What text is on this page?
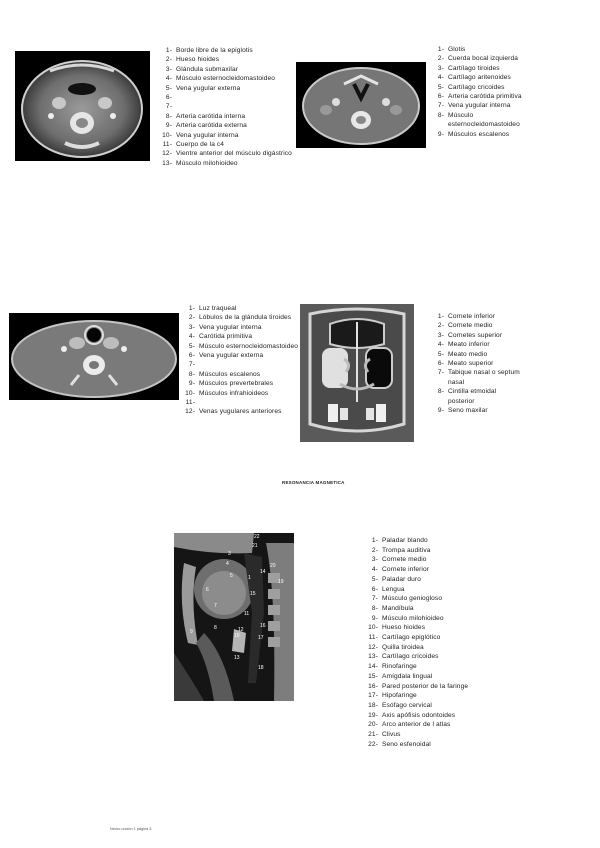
1- Borde libre de la epiglotis
2- Hueso hioides
3- Glándula submaxilar
4- Músculo esternocleidomastoideo
5- Vena yugular externa
6-
7-
8- Arteria carótida interna
9- Arteria carótida externa
10- Vena yugular interna
11- Cuerpo de la c4
12- Vientre anterior del músculo digástrico
13- Músculo milohioideo
1- Glotis
2- Cuerda bocal izquierda
3- Cartílago tiroides
4- Cartílago aritenoides
5- Cartílago cricoides
6- Arteria carótida primitiva
7- Vena yugular interna
8- Músculo esternocleidomastoideo
9- Músculos escalenos
1- Luz traqueal
2- Lóbulos de la glándula tiroides
3- Vena yugular interna
4- Carótida primitiva
5- Músculo esternocleidomastoideo
6- Vena yugular externa
7-
8- Músculos escalenos
9- Músculos prevertebrales
10- Músculos infrahioideos
11-
12- Venas yugulares anteriores
1- Cornete inferior
2- Cornete medio
3- Cornetes superior
4- Meato inferior
5- Meato medio
6- Meato superior
7- Tabique nasal o septum nasal
8- Cintilla etmoidal posterior
9- Seno maxilar
RESONANCIA MAGNETICA
22
21
3
20
4
14
5	1
19
15
6
7
11
16
12
17
10
8
9
13
18
1- Paladar blando
2- Trompa auditiva
3- Cornete medio
4- Cornete inferior
5- Paladar duro
6- Lengua
7- Músculo geniogloso
8- Mandíbula
9- Músculo milohioideo
10- Hueso hioides
11- Cartílago epiglótico
12- Quilla tiroidea
13- Cartílago cricoides
14- Rinofaringe
15- Amígdala lingual
16- Pared posterior de la faringe
17- Hipofaringe
18- Esófago cervical
19- Axis apófisis odontoides
20- Arco anterior de l atlas
21- Clivus
22- Seno esfenoidal
Neuro unción 1 página 3
